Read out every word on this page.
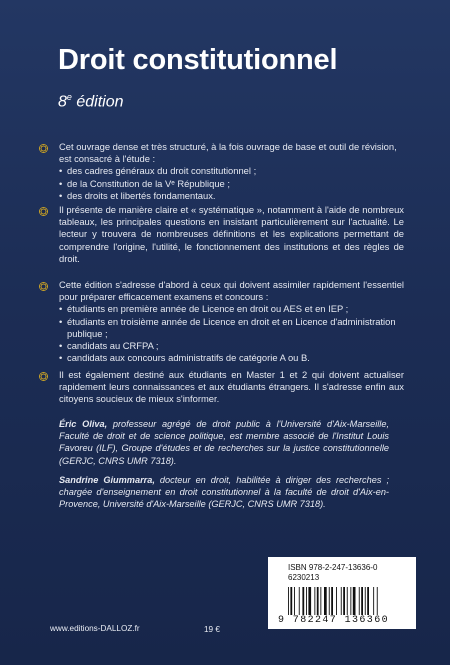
Droit constitutionnel
8e édition

Cet ouvrage dense et très structuré, à la fois ouvrage de base et outil de révision, est consacré à l'étude :

• des cadres généraux du droit constitutionnel ;
• de la Constitution de la Vᵉ République ;
• des droits et libertés fondamentaux.

Il présente de manière claire et « systématique », notamment à l'aide de nombreux tableaux, les principales questions en insistant particulièrement sur l'actualité. Le lecteur y trouvera de nombreuses définitions et les explications permettant de comprendre l'origine, l'utilité, le fonctionnement des institutions et des règles de droit.

Cette édition s'adresse d'abord à ceux qui doivent assimiler rapidement l'essentiel pour préparer efficacement examens et concours :

• étudiants en première année de Licence en droit ou AES et en IEP ;
• étudiants en troisième année de Licence en droit et en Licence d'administration publique ;
• candidats au CRFPA ;
• candidats aux concours administratifs de catégorie A ou B.

Il est également destiné aux étudiants en Master 1 et 2 qui doivent actualiser rapidement leurs connaissances et aux étudiants étrangers. Il s'adresse enfin aux citoyens soucieux de mieux s'informer.

Éric Oliva, professeur agrégé de droit public à l'Université d'Aix-Marseille, Faculté de droit et de science politique, est membre associé de l'Institut Louis Favoreu (ILF), Groupe d'études et de recherches sur la justice constitutionnelle (GERJC, CNRS UMR 7318).
Sandrine Giummarra, docteur en droit, habilitée à diriger des recherches ; chargée d'enseignement en droit constitutionnel à la faculté de droit d'Aix-en-Provence, Université d'Aix-Marseille (GERJC, CNRS UMR 7318).
ISBN 978-2-247-13636-0
6230213
9 782247 136360
www.editions-DALLOZ.fr	19 €
